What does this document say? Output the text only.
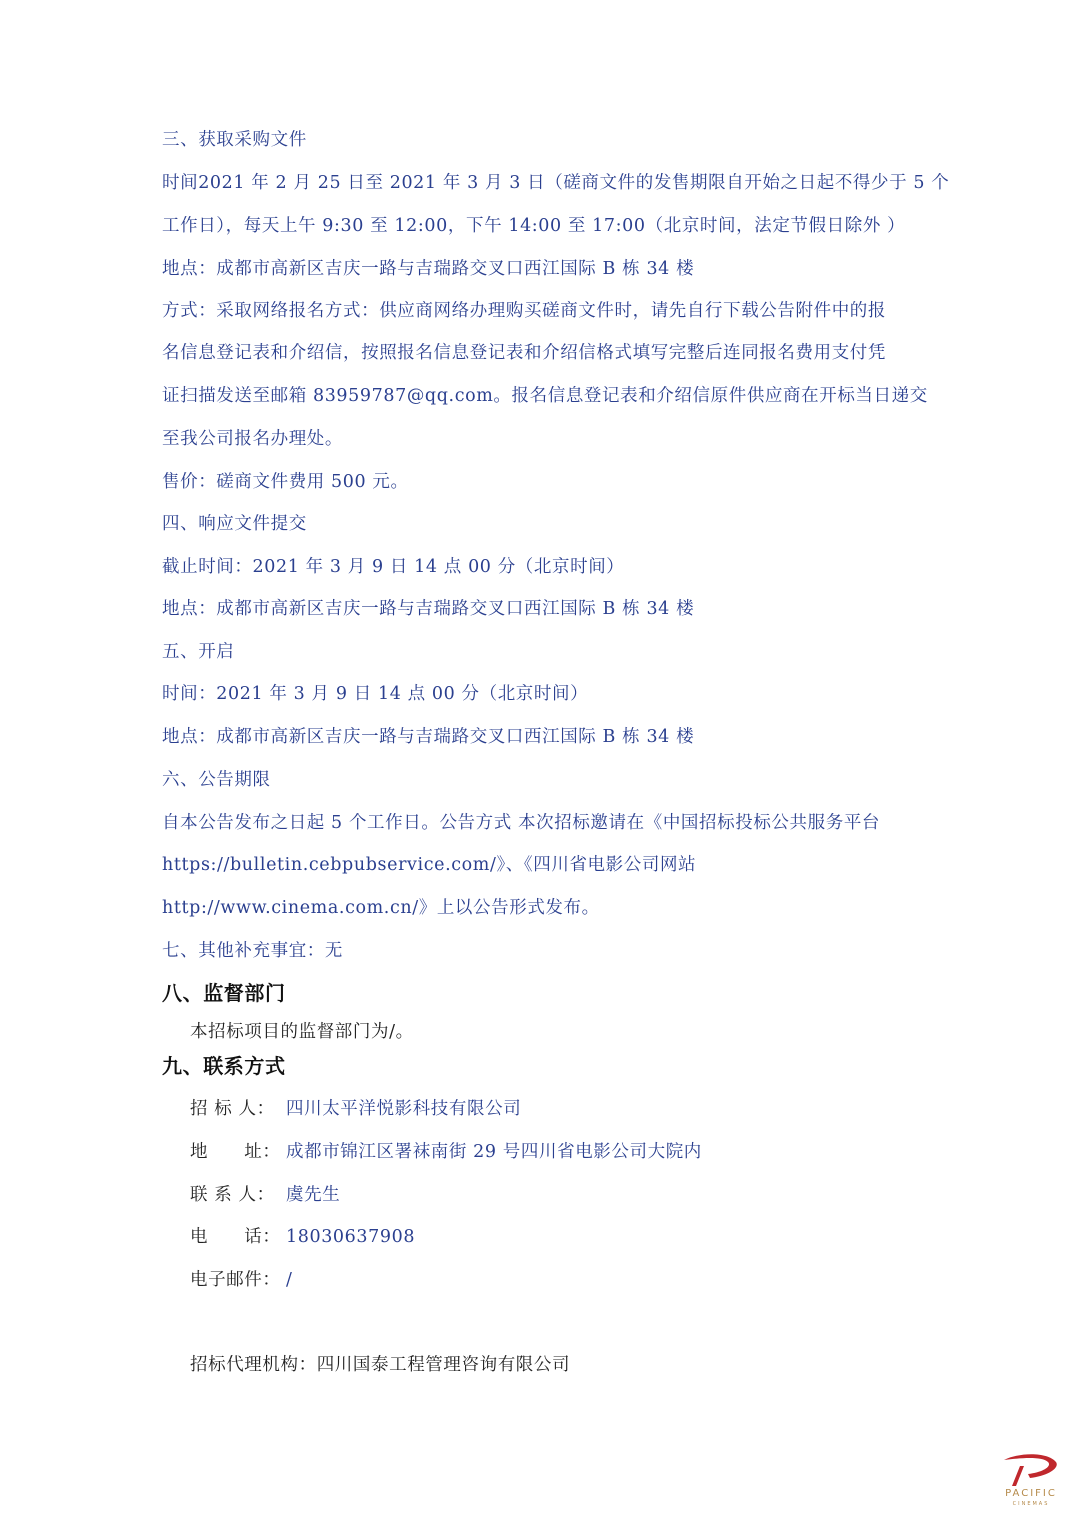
三、获取采购文件
时间2021 年 2 月 25 日至 2021 年 3 月 3 日（磋商文件的发售期限自开始之日起不得少于 5 个
工作日），每天上午 9:30 至 12:00，下午 14:00 至 17:00（北京时间，法定节假日除外 ）
地点：成都市高新区吉庆一路与吉瑞路交叉口西江国际 B 栋 34 楼
方式：采取网络报名方式：供应商网络办理购买磋商文件时，请先自行下载公告附件中的报
名信息登记表和介绍信，按照报名信息登记表和介绍信格式填写完整后连同报名费用支付凭
证扫描发送至邮箱 83959787@qq.com。报名信息登记表和介绍信原件供应商在开标当日递交
至我公司报名办理处。
售价：磋商文件费用 500 元。
四、响应文件提交
截止时间：2021 年 3 月 9 日 14 点 00 分（北京时间）
地点：成都市高新区吉庆一路与吉瑞路交叉口西江国际 B 栋 34 楼
五、开启
时间：2021 年 3 月 9 日 14 点 00 分（北京时间）
地点：成都市高新区吉庆一路与吉瑞路交叉口西江国际 B 栋 34 楼
六、公告期限
自本公告发布之日起 5 个工作日。公告方式 本次招标邀请在《中国招标投标公共服务平台
https://bulletin.cebpubservice.com/》、《四川省电影公司网站
http://www.cinema.com.cn/》上以公告形式发布。
七、其他补充事宜：无
八、监督部门
本招标项目的监督部门为/。
九、联系方式
招 标 人： 四川太平洋悦影科技有限公司
地　　址： 成都市锦江区署袜南街 29 号四川省电影公司大院内
联 系 人： 虞先生
电　　话： 18030637908
电子邮件： /
招标代理机构：四川国泰工程管理咨询有限公司
PACIFIC
CINEMAS
